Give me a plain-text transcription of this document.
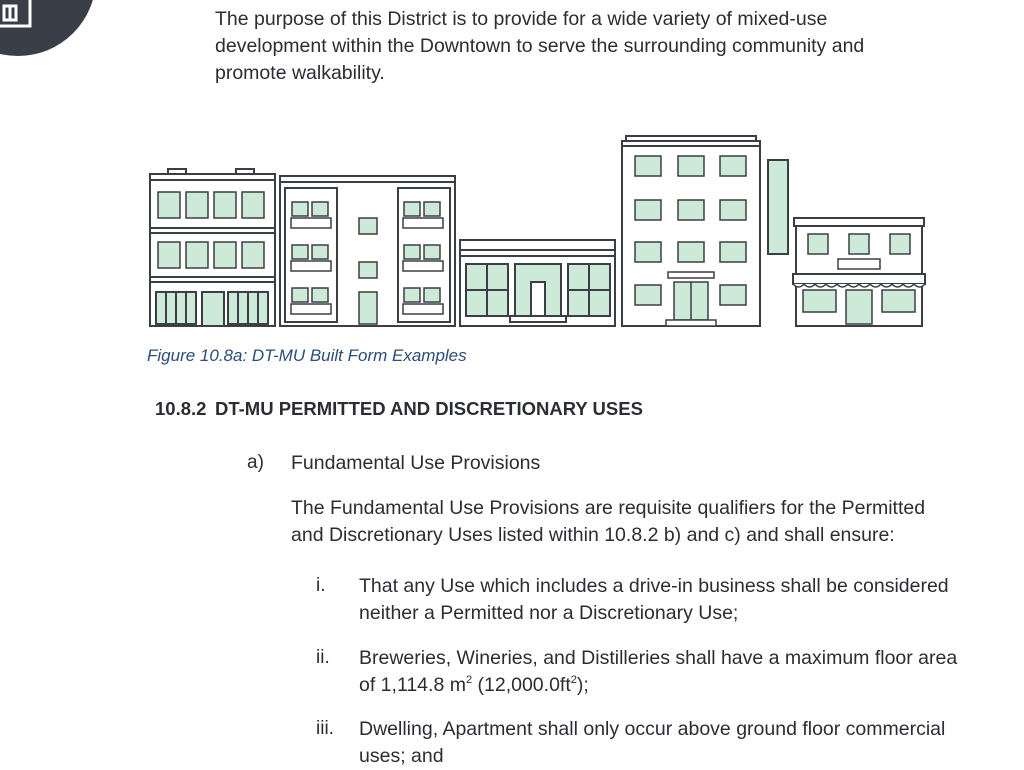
The purpose of this District is to provide for a wide variety of mixed-use development within the Downtown to serve the surrounding community and promote walkability.

Figure 10.8a: DT-MU Built Form Examples

10.8.2 DT-MU PERMITTED AND DISCRETIONARY USES
a) Fundamental Use Provisions

The Fundamental Use Provisions are requisite qualifiers for the Permitted and Discretionary Uses listed within 10.8.2 b) and c) and shall ensure:

i. That any Use which includes a drive-in business shall be considered neither a Permitted nor a Discretionary Use;

ii. Breweries, Wineries, and Distilleries shall have a maximum floor area of 1,114.8 $m^2$ $(12,000.0ft^2)$;

iii. Dwelling, Apartment shall only occur above ground floor commercial uses; and
